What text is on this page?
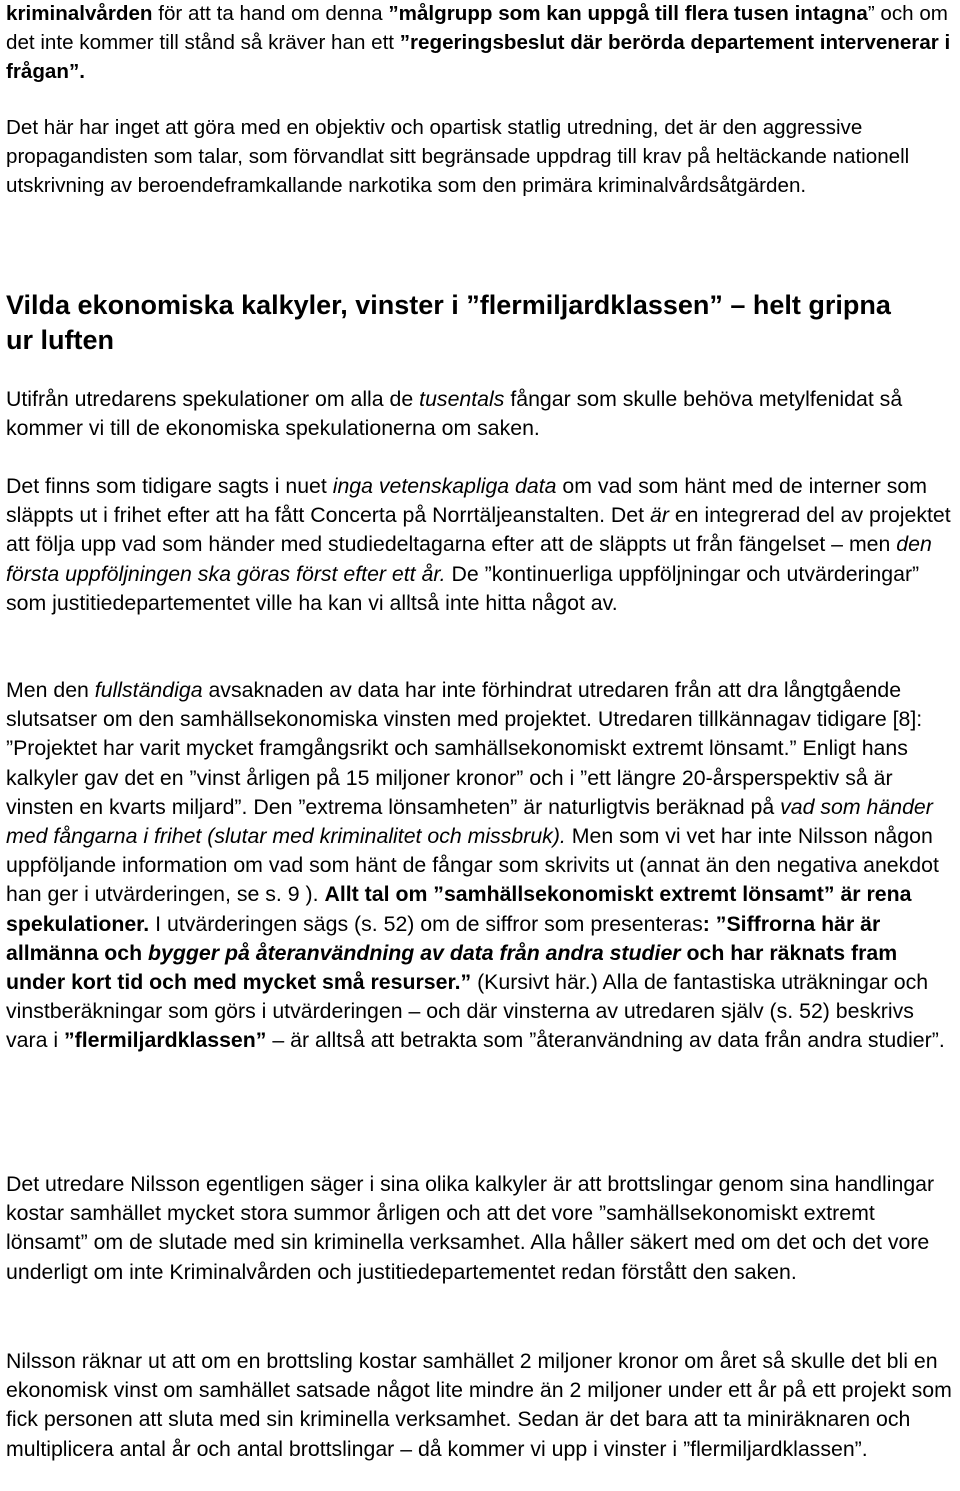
kriminalvården för att ta hand om denna ”målgrupp som kan uppgå till flera tusen intagna” och om det inte kommer till stånd så kräver han ett ”regeringsbeslut där berörda departement intervenerar i frågan”.

Det här har inget att göra med en objektiv och opartisk statlig utredning, det är den aggressive propagandisten som talar, som förvandlat sitt begränsade uppdrag till krav på heltäckande nationell utskrivning av beroendeframkallande narkotika som den primära kriminalvårdsåtgärden.

Vilda ekonomiska kalkyler, vinster i ”flermiljardklassen” – helt gripna ur luften

Utifrån utredarens spekulationer om alla de tusentals fångar som skulle behöva metylfenidat så kommer vi till de ekonomiska spekulationerna om saken.

Det finns som tidigare sagts i nuet inga vetenskapliga data om vad som hänt med de interner som släppts ut i frihet efter att ha fått Concerta på Norrtäljeanstalten. Det är en integrerad del av projektet att följa upp vad som händer med studiedeltagarna efter att de släppts ut från fängelset – men den första uppföljningen ska göras först efter ett år. De ”kontinuerliga uppföljningar och utvärderingar” som justitiedepartementet ville ha kan vi alltså inte hitta något av.

Men den fullständiga avsaknaden av data har inte förhindrat utredaren från att dra långtgående slutsatser om den samhällsekonomiska vinsten med projektet. Utredaren tillkännagav tidigare [8]: ”Projektet har varit mycket framgångsrikt och samhällsekonomiskt extremt lönsamt.” Enligt hans kalkyler gav det en ”vinst årligen på 15 miljoner kronor” och i ”ett längre 20-årsperspektiv så är vinsten en kvarts miljard”. Den ”extrema lönsamheten” är naturligtvis beräknad på vad som händer med fångarna i frihet (slutar med kriminalitet och missbruk). Men som vi vet har inte Nilsson någon uppföljande information om vad som hänt de fångar som skrivits ut (annat än den negativa anekdot han ger i utvärderingen, se s. 9 ). Allt tal om ”samhällsekonomiskt extremt lönsamt” är rena spekulationer. I utvärderingen sägs (s. 52) om de siffror som presenteras: ”Siffrorna här är allmänna och bygger på återanvändning av data från andra studier och har räknats fram under kort tid och med mycket små resurser.” (Kursivt här.) Alla de fantastiska uträkningar och vinstberäkningar som görs i utvärderingen – och där vinsterna av utredaren själv (s. 52) beskrivs vara i ”flermiljardklassen” – är alltså att betrakta som ”återanvändning av data från andra studier”.

Det utredare Nilsson egentligen säger i sina olika kalkyler är att brottslingar genom sina handlingar kostar samhället mycket stora summor årligen och att det vore ”samhällsekonomiskt extremt lönsamt” om de slutade med sin kriminella verksamhet. Alla håller säkert med om det och det vore underligt om inte Kriminalvården och justitiedepartementet redan förstått den saken.

Nilsson räknar ut att om en brottsling kostar samhället 2 miljoner kronor om året så skulle det bli en ekonomisk vinst om samhället satsade något lite mindre än 2 miljoner under ett år på ett projekt som fick personen att sluta med sin kriminella verksamhet. Sedan är det bara att ta miniräknaren och multiplicera antal år och antal brottslingar – då kommer vi upp i vinster i ”flermiljardklassen”.
